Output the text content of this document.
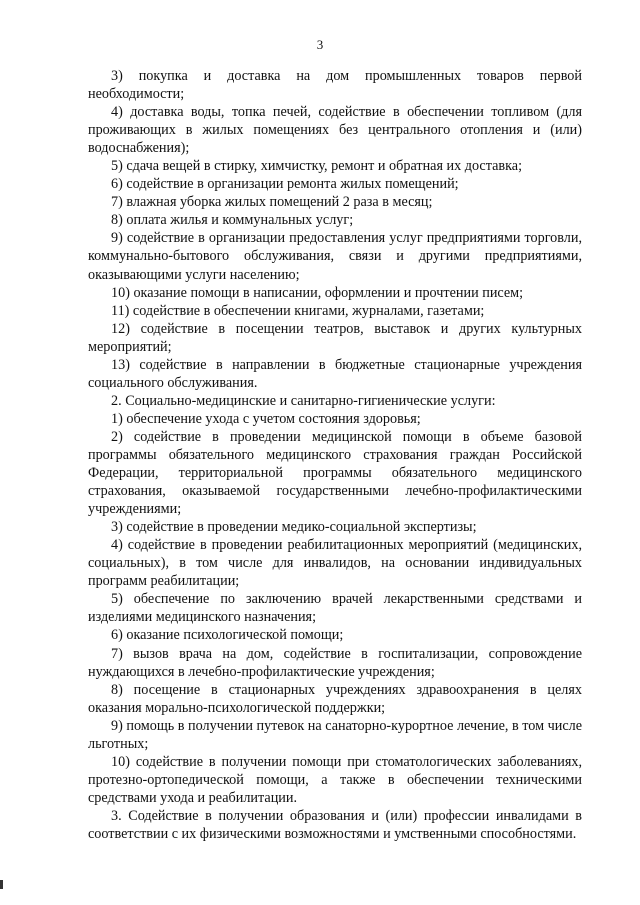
3

3) покупка и доставка на дом промышленных товаров первой необходимости;

4) доставка воды, топка печей, содействие в обеспечении топливом (для проживающих в жилых помещениях без центрального отопления и (или) водоснабжения);

5) сдача вещей в стирку, химчистку, ремонт и обратная их доставка;

6) содействие в организации ремонта жилых помещений;

7) влажная уборка жилых помещений 2 раза в месяц;

8) оплата жилья и коммунальных услуг;

9) содействие в организации предоставления услуг предприятиями торговли, коммунально-бытового обслуживания, связи и другими предприятиями, оказывающими услуги населению;

10) оказание помощи в написании, оформлении и прочтении писем;

11) содействие в обеспечении книгами, журналами, газетами;

12) содействие в посещении театров, выставок и других культурных мероприятий;

13) содействие в направлении в бюджетные стационарные учреждения социального обслуживания.

2. Социально-медицинские и санитарно-гигиенические услуги:

1) обеспечение ухода с учетом состояния здоровья;

2) содействие в проведении медицинской помощи в объеме базовой программы обязательного медицинского страхования граждан Российской Федерации, территориальной программы обязательного медицинского страхования, оказываемой государственными лечебно-профилактическими учреждениями;

3) содействие в проведении медико-социальной экспертизы;

4) содействие в проведении реабилитационных мероприятий (медицинских, социальных), в том числе для инвалидов, на основании индивидуальных программ реабилитации;

5) обеспечение по заключению врачей лекарственными средствами и изделиями медицинского назначения;

6) оказание психологической помощи;

7) вызов врача на дом, содействие в госпитализации, сопровождение нуждающихся в лечебно-профилактические учреждения;

8) посещение в стационарных учреждениях здравоохранения в целях оказания морально-психологической поддержки;

9) помощь в получении путевок на санаторно-курортное лечение, в том числе льготных;

10) содействие в получении помощи при стоматологических заболеваниях, протезно-ортопедической помощи, а также в обеспечении техническими средствами ухода и реабилитации.

3. Содействие в получении образования и (или) профессии инвалидами в соответствии с их физическими возможностями и умственными способностями.
